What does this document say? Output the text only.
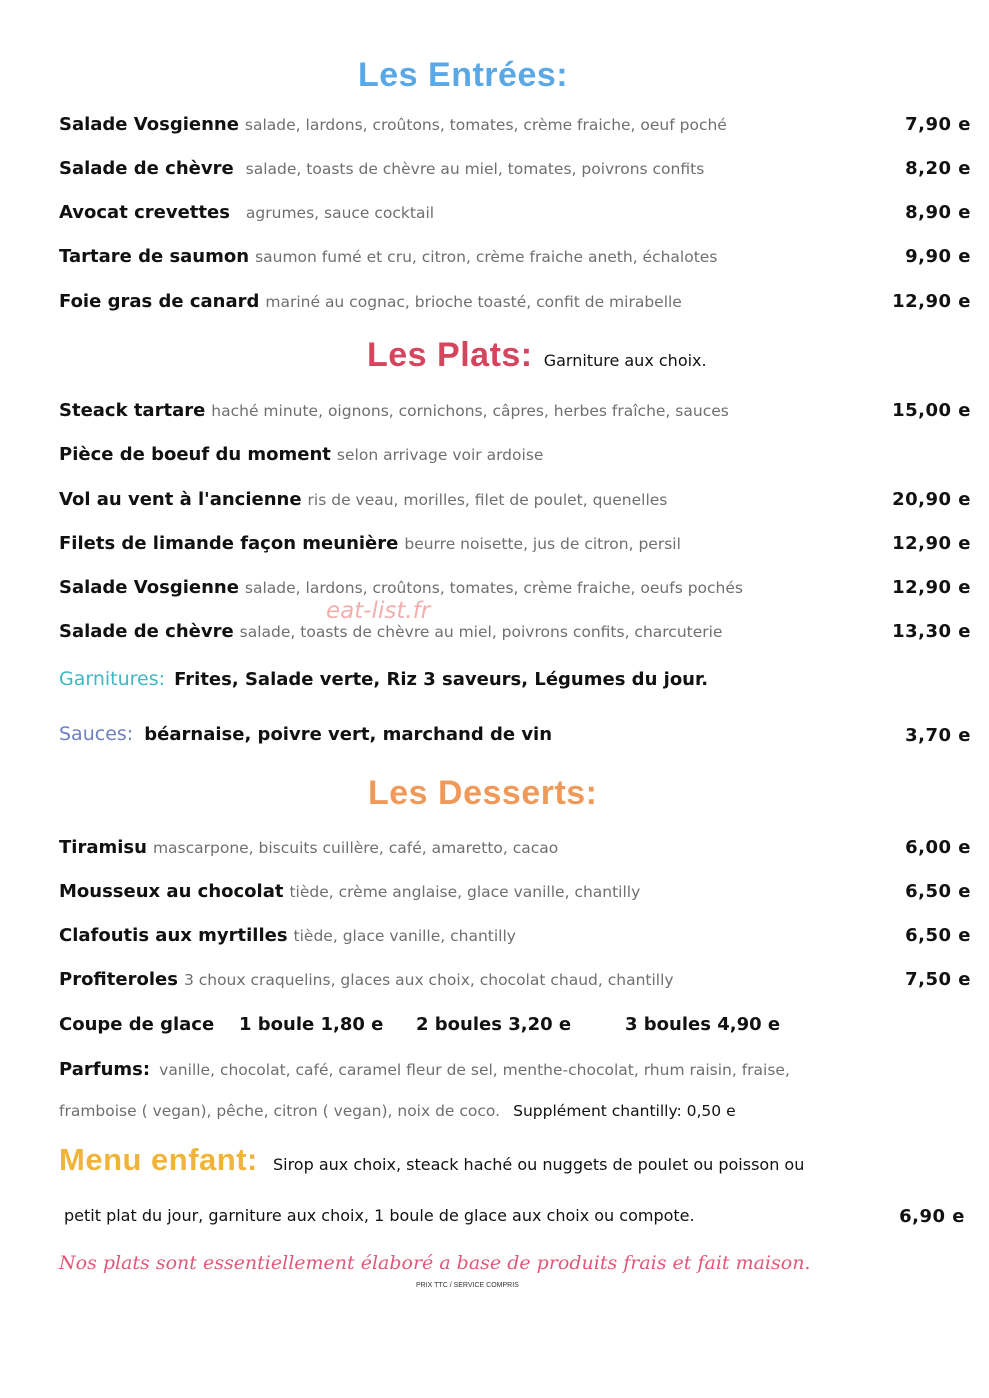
Les Entrées:
Salade Vosgienne salade, lardons, croûtons, tomates, crème fraiche, oeuf poché	7,90 e
Salade de chèvre salade, toasts de chèvre au miel, tomates, poivrons confits	8,20 e
Avocat crevettes agrumes, sauce cocktail	8,90 e
Tartare de saumon saumon fumé et cru, citron, crème fraiche aneth, échalotes	9,90 e
Foie gras de canard mariné au cognac, brioche toasté, confit de mirabelle	12,90 e
Les Plats: Garniture aux choix.
Steack tartare haché minute, oignons, cornichons, câpres, herbes fraîche, sauces	15,00 e
Pièce de boeuf du moment selon arrivage voir ardoise
Vol au vent à l'ancienne ris de veau, morilles, filet de poulet, quenelles	20,90 e
Filets de limande façon meunière beurre noisette, jus de citron, persil	12,90 e
Salade Vosgienne salade, lardons, croûtons, tomates, crème fraiche, oeufs pochés	12,90 e
Salade de chèvre salade, toasts de chèvre au miel, poivrons confits, charcuterie	13,30 e
eat-list.fr
Garnitures: Frites, Salade verte, Riz 3 saveurs, Légumes du jour.
Sauces: béarnaise, poivre vert, marchand de vin	3,70 e
Les Desserts:
Tiramisu mascarpone, biscuits cuillère, café, amaretto, cacao	6,00 e
Mousseux au chocolat tiède, crème anglaise, glace vanille, chantilly	6,50 e
Clafoutis aux myrtilles tiède, glace vanille, chantilly	6,50 e
Profiteroles 3 choux craquelins, glaces aux choix, chocolat chaud, chantilly	7,50 e
Coupe de glace 1 boule 1,80 e 2 boules 3,20 e	3 boules 4,90 e
Parfums: vanille, chocolat, café, caramel fleur de sel, menthe-chocolat, rhum raisin, fraise,
framboise ( vegan), pêche, citron ( vegan), noix de coco. Supplément chantilly: 0,50 e
Menu enfant: Sirop aux choix, steack haché ou nuggets de poulet ou poisson ou
petit plat du jour, garniture aux choix, 1 boule de glace aux choix ou compote.	6,90 e
Nos plats sont essentiellement élaboré a base de produits frais et fait maison.
PRIX TTC / SERVICE COMPRIS
